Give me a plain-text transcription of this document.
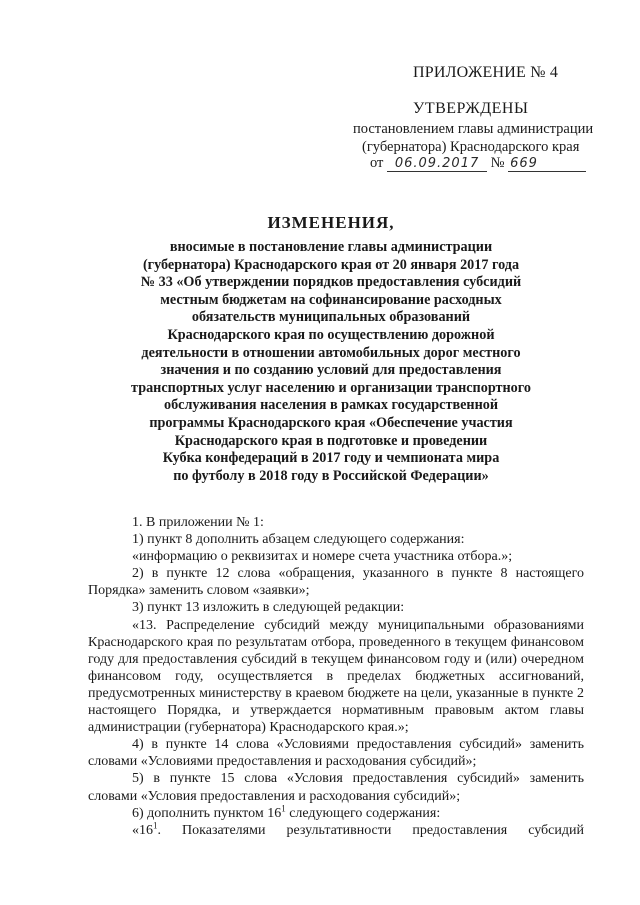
ПРИЛОЖЕНИЕ № 4
УТВЕРЖДЕНЫ
постановлением главы администрации
(губернатора) Краснодарского края
от 06.09.2017 № 669
ИЗМЕНЕНИЯ,
вносимые в постановление главы администрации
(губернатора) Краснодарского края от 20 января 2017 года
№ 33 «Об утверждении порядков предоставления субсидий
местным бюджетам на софинансирование расходных
обязательств муниципальных образований
Краснодарского края по осуществлению дорожной
деятельности в отношении автомобильных дорог местного
значения и по созданию условий для предоставления
транспортных услуг населению и организации транспортного
обслуживания населения в рамках государственной
программы Краснодарского края «Обеспечение участия
Краснодарского края в подготовке и проведении
Кубка конфедераций в 2017 году и чемпионата мира
по футболу в 2018 году в Российской Федерации»

1. В приложении № 1:

1) пункт 8 дополнить абзацем следующего содержания:

«информацию о реквизитах и номере счета участника отбора.»;

2) в пункте 12 слова «обращения, указанного в пункте 8 настоящего Порядка» заменить словом «заявки»;

3) пункт 13 изложить в следующей редакции:

«13. Распределение субсидий между муниципальными образованиями Краснодарского края по результатам отбора, проведенного в текущем финансовом году для предоставления субсидий в текущем финансовом году и (или) очередном финансовом году, осуществляется в пределах бюджетных ассигнований, предусмотренных министерству в краевом бюджете на цели, указанные в пункте 2 настоящего Порядка, и утверждается нормативным правовым актом главы администрации (губернатора) Краснодарского края.»;

4) в пункте 14 слова «Условиями предоставления субсидий» заменить словами «Условиями предоставления и расходования субсидий»;

5) в пункте 15 слова «Условия предоставления субсидий» заменить словами «Условия предоставления и расходования субсидий»;

6) дополнить пунктом $16^1$ следующего содержания:

«$16^1$. Показателями результативности предоставления субсидий
